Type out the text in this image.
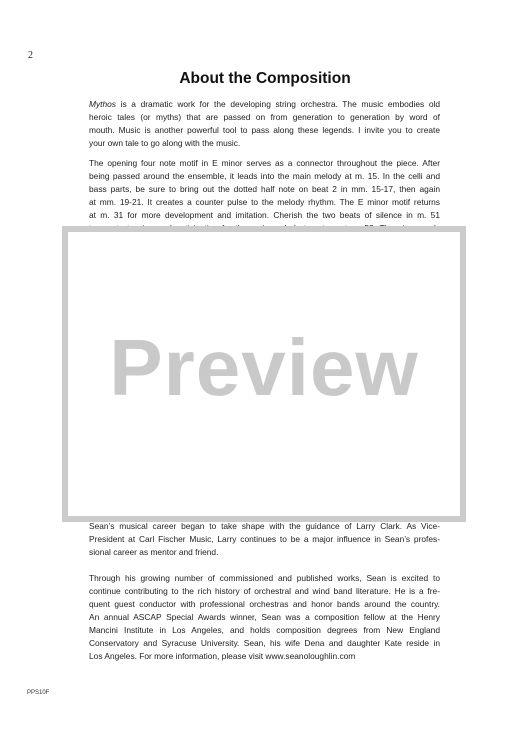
2
About the Composition
Mythos is a dramatic work for the developing string orchestra. The music embodies old
heroic tales (or myths) that are passed on from generation to generation by word of
mouth. Music is another powerful tool to pass along these legends. I invite you to create
your own tale to go along with the music.
The opening four note motif in E minor serves as a connector throughout the piece. After
being passed around the ensemble, it leads into the main melody at m. 15. In the celli and
bass parts, be sure to bring out the dotted half note on beat 2 in mm. 15-17, then again
at mm. 19-21. It creates a counter pulse to the melody rhythm. The E minor motif returns
at m. 31 for more development and imitation. Cherish the two beats of silence in m. 51
Preview
Sean’s musical career began to take shape with the guidance of Larry Clark. As Vice-
President at Carl Fischer Music, Larry continues to be a major influence in Sean’s profes-
sional career as mentor and friend.
Through his growing number of commissioned and published works, Sean is excited to
continue contributing to the rich history of orchestral and wind band literature. He is a fre-
quent guest conductor with professional orchestras and honor bands around the country.
An annual ASCAP Special Awards winner, Sean was a composition fellow at the Henry
Mancini Institute in Los Angeles, and holds composition degrees from New England
Conservatory and Syracuse University. Sean, his wife Dena and daughter Kate reside in
Los Angeles. For more information, please visit www.seanoloughlin.com
PPS10F
